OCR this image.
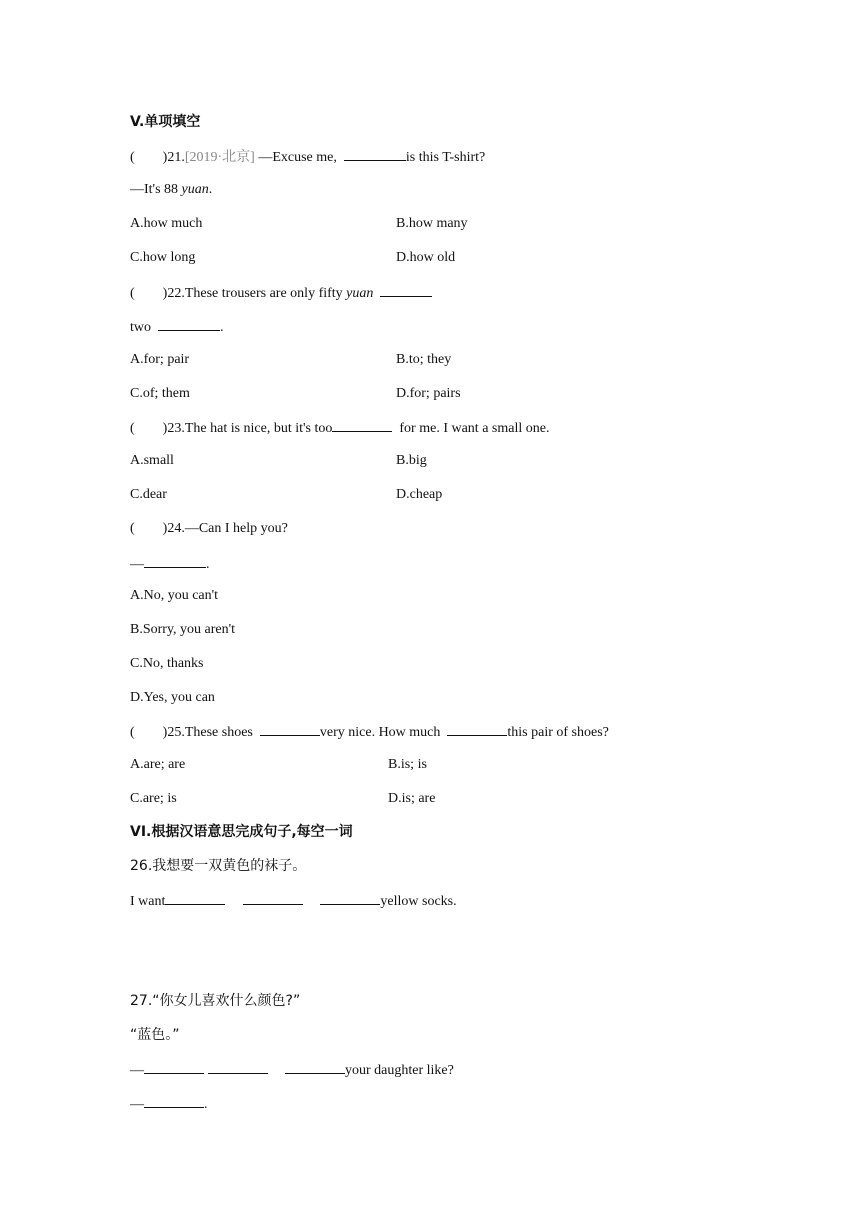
V.单项填空
( )21.[2019·北京] —Excuse me,	is this T-shirt?
—It's 88 yuan.
A.how much	B.how many
C.how long	D.how old
( )22.These trousers are only fifty yuan
two	.
A.for; pair	B.to; they
C.of; them	D.for; pairs
( )23.The hat is nice, but it's too	for me. I want a small one.
A.small	B.big
C.dear	D.cheap
( )24.—Can I help you?
—	.
A.No, you can't
B.Sorry, you aren't
C.No, thanks
D.Yes, you can
( )25.These shoes	very nice. How much	this pair of shoes?
A.are; are	B.is; is
C.are; is	D.is; are
VI.根据汉语意思完成句子,每空一词
26.我想要一双黄色的袜子。
I want	yellow socks.
27.“你女儿喜欢什么颜色?”
“蓝色。”
—	your daughter like?
—	.
